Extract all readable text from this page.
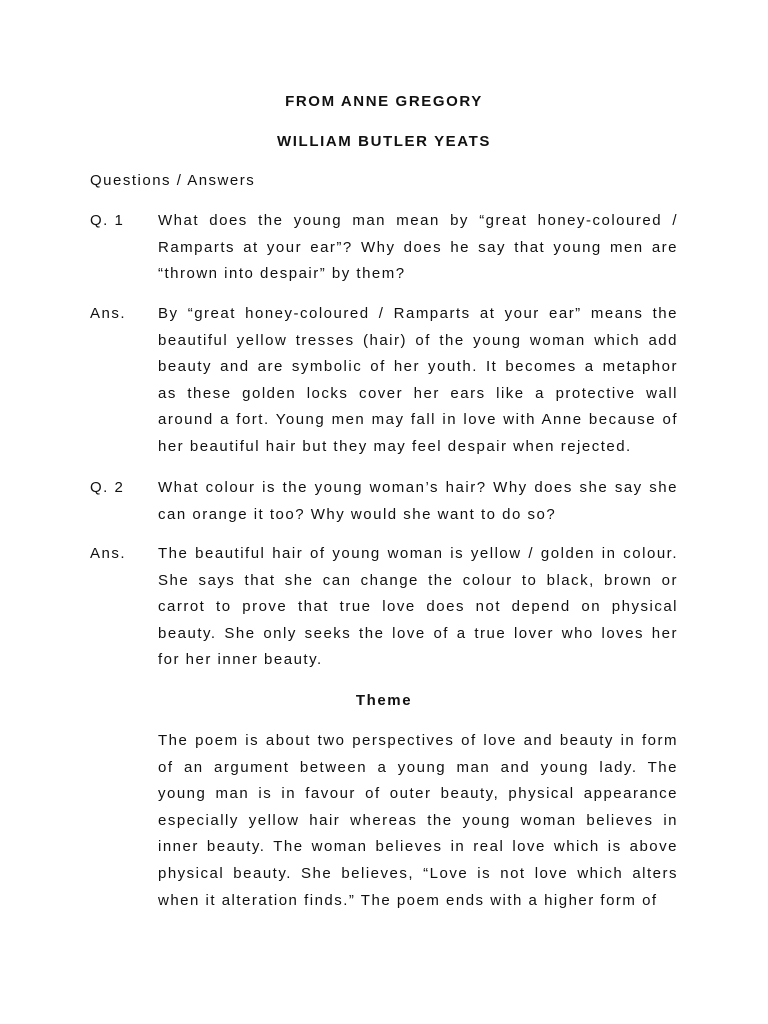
FROM ANNE GREGORY
WILLIAM BUTLER YEATS
Questions / Answers
Q. 1 What does the young man mean by “great honey-coloured / Ramparts at your ear”? Why does he say that young men are “thrown into despair” by them?

Ans. By “great honey-coloured / Ramparts at your ear” means the beautiful yellow tresses (hair) of the young woman which add beauty and are symbolic of her youth. It becomes a metaphor as these golden locks cover her ears like a protective wall around a fort. Young men may fall in love with Anne because of her beautiful hair but they may feel despair when rejected.

Q. 2 What colour is the young woman’s hair? Why does she say she can orange it too? Why would she want to do so?

Ans. The beautiful hair of young woman is yellow / golden in colour. She says that she can change the colour to black, brown or carrot to prove that true love does not depend on physical beauty. She only seeks the love of a true lover who loves her for her inner beauty.

Theme

The poem is about two perspectives of love and beauty in form of an argument between a young man and young lady. The young man is in favour of outer beauty, physical appearance especially yellow hair whereas the young woman believes in inner beauty. The woman believes in real love which is above physical beauty. She believes, “Love is not love which alters when it alteration finds.” The poem ends with a higher form of
